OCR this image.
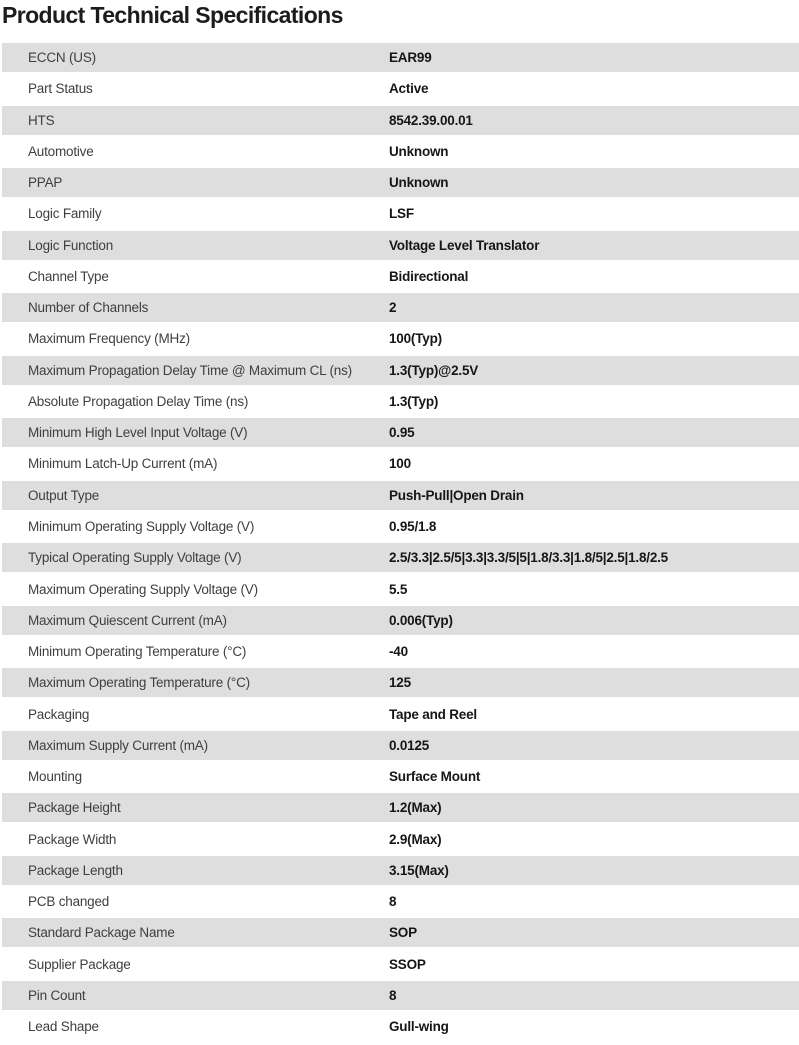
Product Technical Specifications
ECCN (US)	EAR99
Part Status	Active
HTS	8542.39.00.01
Automotive	Unknown
PPAP	Unknown
Logic Family	LSF
Logic Function	Voltage Level Translator
Channel Type	Bidirectional
Number of Channels	2
Maximum Frequency (MHz)	100(Typ)
Maximum Propagation Delay Time @ Maximum CL (ns)	1.3(Typ)@2.5V
Absolute Propagation Delay Time (ns)	1.3(Typ)
Minimum High Level Input Voltage (V)	0.95
Minimum Latch-Up Current (mA)	100
Output Type	Push-Pull|Open Drain
Minimum Operating Supply Voltage (V)	0.95/1.8
Typical Operating Supply Voltage (V)	2.5/3.3|2.5/5|3.3|3.3/5|5|1.8/3.3|1.8/5|2.5|1.8/2.5
Maximum Operating Supply Voltage (V)	5.5
Maximum Quiescent Current (mA)	0.006(Typ)
Minimum Operating Temperature (°C)	-40
Maximum Operating Temperature (°C)	125
Packaging	Tape and Reel
Maximum Supply Current (mA)	0.0125
Mounting	Surface Mount
Package Height	1.2(Max)
Package Width	2.9(Max)
Package Length	3.15(Max)
PCB changed	8
Standard Package Name	SOP
Supplier Package	SSOP
Pin Count	8
Lead Shape	Gull-wing
